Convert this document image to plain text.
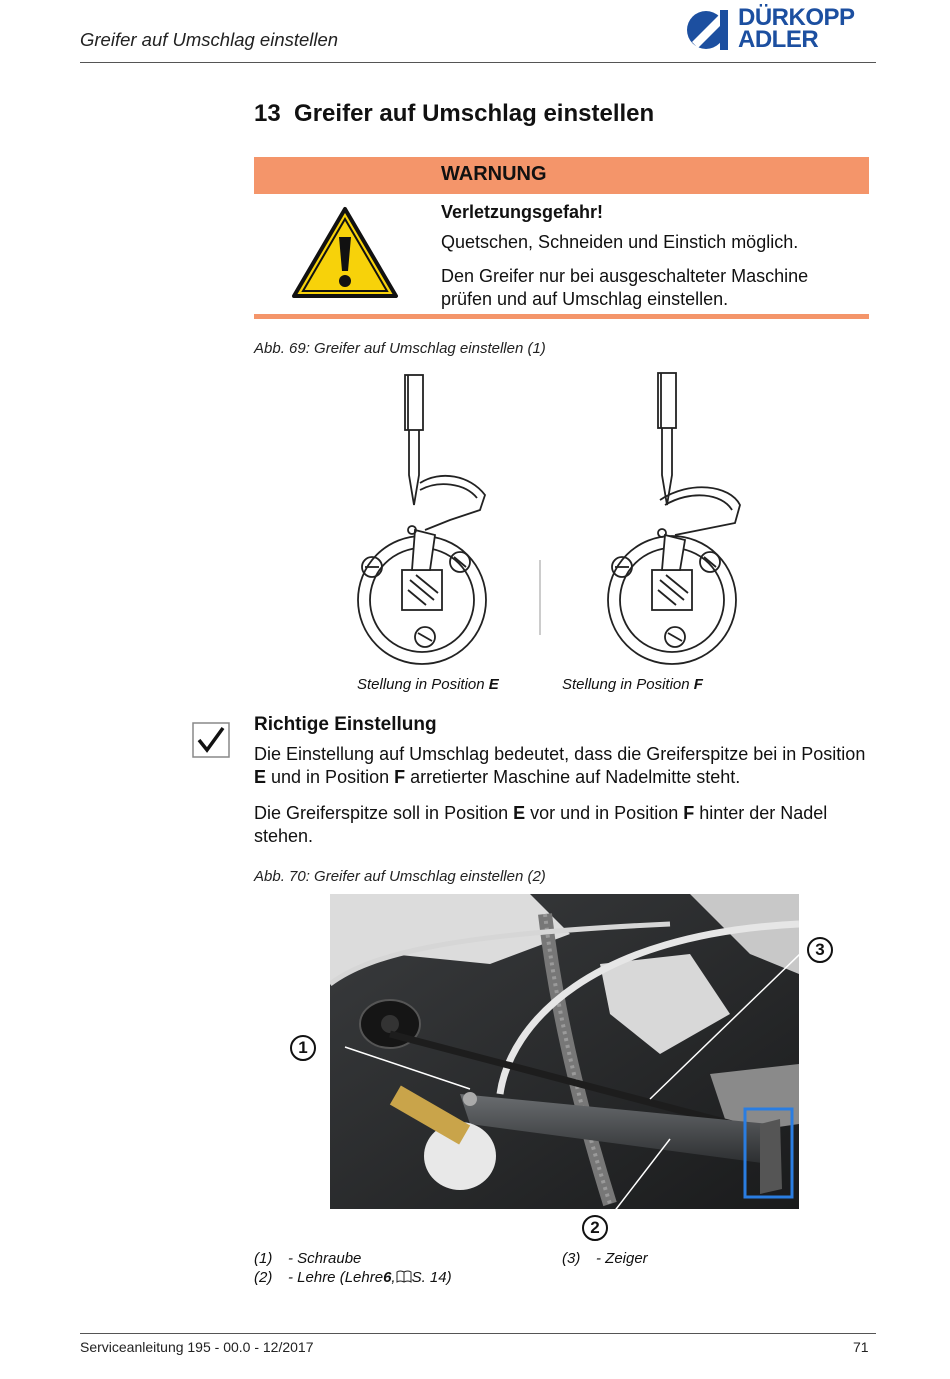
Greifer auf Umschlag einstellen
DÜRKOPP
ADLER
13 Greifer auf Umschlag einstellen
WARNUNG
Verletzungsgefahr!
Quetschen, Schneiden und Einstich möglich.
Den Greifer nur bei ausgeschalteter Maschine prüfen und auf Umschlag einstellen.
Abb. 69: Greifer auf Umschlag einstellen (1)
Stellung in Position E	Stellung in Position F
Richtige Einstellung
Die Einstellung auf Umschlag bedeutet, dass die Greiferspitze bei in Position E und in Position F arretierter Maschine auf Nadelmitte steht.
Die Greiferspitze soll in Position E vor und in Position F hinter der Nadel stehen.
Abb. 70: Greifer auf Umschlag einstellen (2)
1
2
3
(1) - Schraube
(2) - Lehre (Lehre6,S. 14)
(3) - Zeiger
Serviceanleitung 195 - 00.0 - 12/2017	71
